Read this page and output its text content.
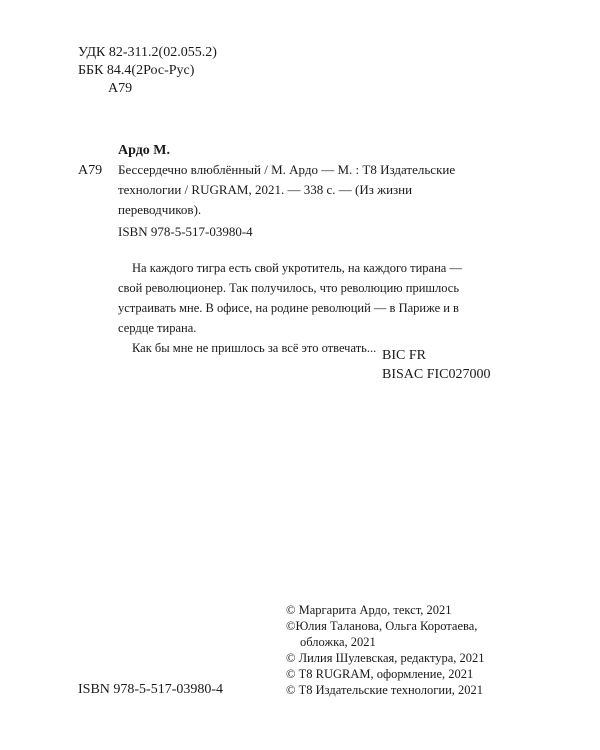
УДК 82-311.2(02.055.2)
ББК 84.4(2Рос-Рус)
А79
Ардо М.
А79 Бессердечно влюблённый / М. Ардо — М. : Т8 Издательские
технологии / RUGRAM, 2021. — 338 с. — (Из жизни
переводчиков).
ISBN 978-5-517-03980-4
На каждого тигра есть свой укротитель, на каждого тирана —
свой революционер. Так получилось, что революцию пришлось
устраивать мне. В офисе, на родине революций — в Париже и в
сердце тирана.
Как бы мне не пришлось за всё это отвечать... BIC FR
BISAC FIC027000
ISBN 978-5-517-03980-4
© Маргарита Ардо, текст, 2021
©Юлия Таланова, Ольга Коротаева,
обложка, 2021
© Лилия Шулевская, редактура, 2021
© Т8 RUGRAM, оформление, 2021
© Т8 Издательские технологии, 2021
